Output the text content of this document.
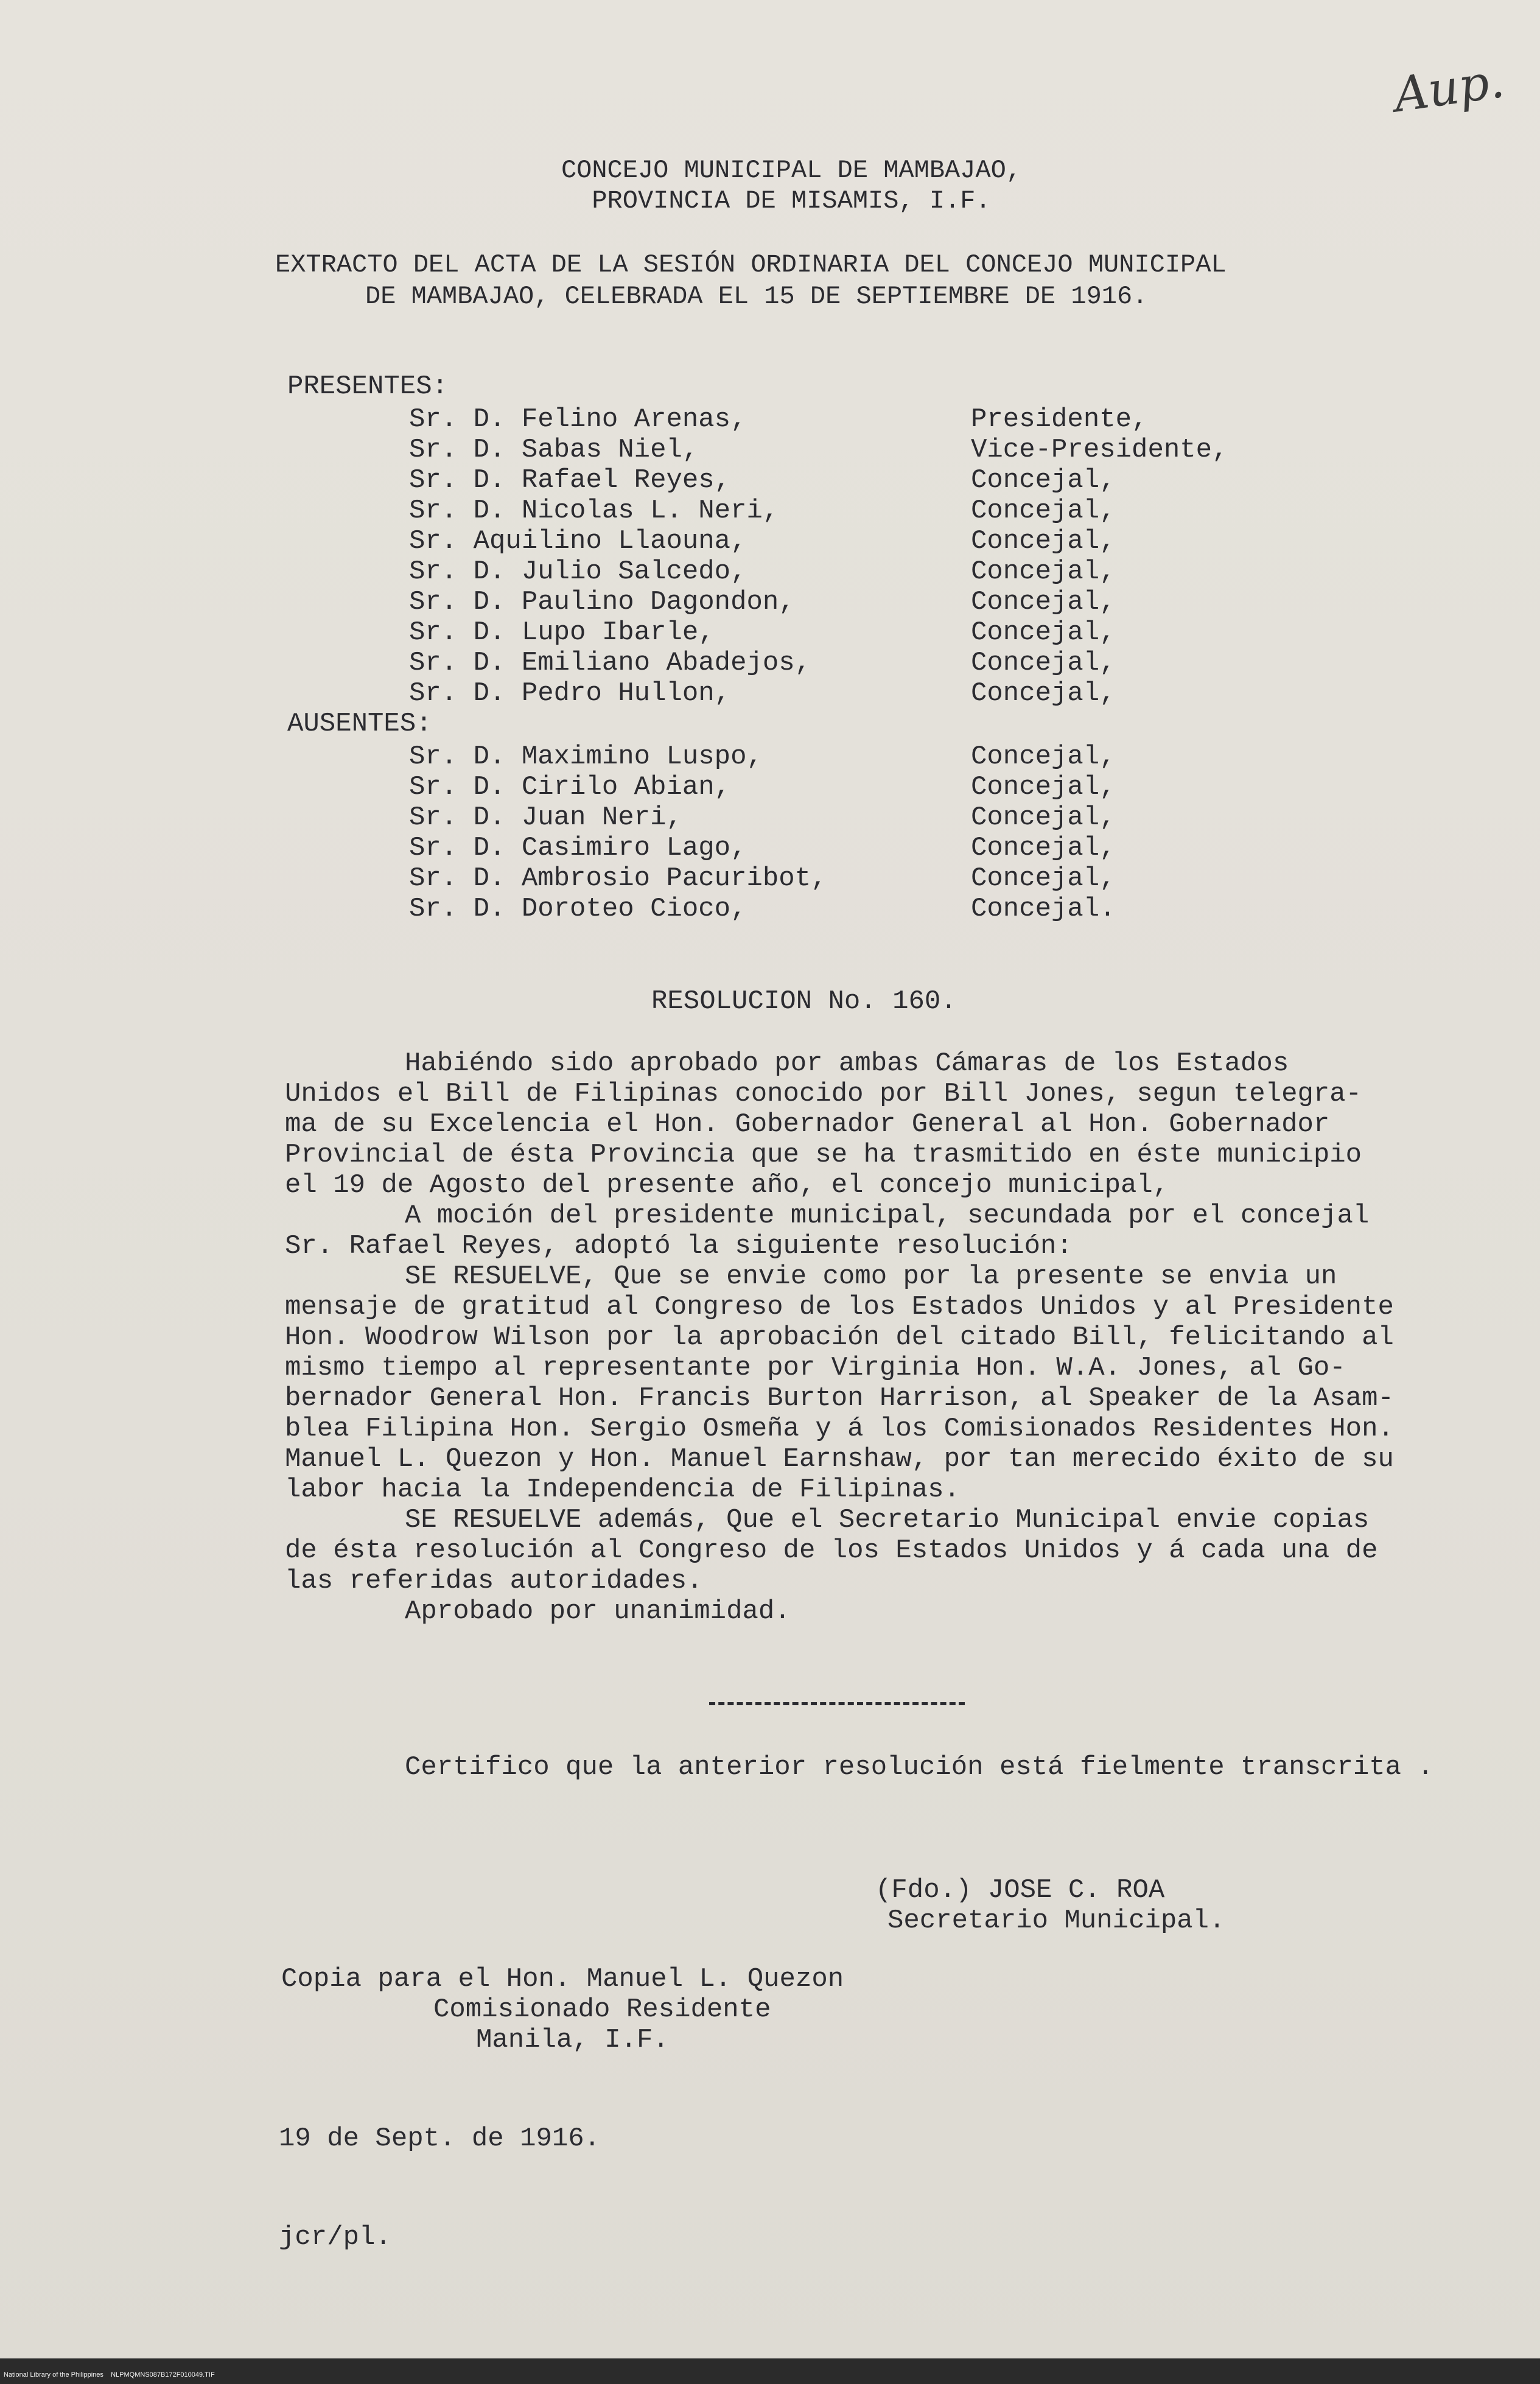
Aup.
CONCEJO MUNICIPAL DE MAMBAJAO,
PROVINCIA DE MISAMIS, I.F.
EXTRACTO DEL ACTA DE LA SESIÓN ORDINARIA DEL CONCEJO MUNICIPAL
DE MAMBAJAO, CELEBRADA EL 15 DE SEPTIEMBRE DE 1916.
PRESENTES:
Sr. D. Felino Arenas,	Presidente,
Sr. D. Sabas Niel,	Vice-Presidente,
Sr. D. Rafael Reyes,	Concejal,
Sr. D. Nicolas L. Neri,	Concejal,
Sr. Aquilino Llaouna,	Concejal,
Sr. D. Julio Salcedo,	Concejal,
Sr. D. Paulino Dagondon,	Concejal,
Sr. D. Lupo Ibarle,	Concejal,
Sr. D. Emiliano Abadejos,	Concejal,
Sr. D. Pedro Hullon,	Concejal,
AUSENTES:
Sr. D. Maximino Luspo,	Concejal,
Sr. D. Cirilo Abian,	Concejal,
Sr. D. Juan Neri,	Concejal,
Sr. D. Casimiro Lago,	Concejal,
Sr. D. Ambrosio Pacuribot,	Concejal,
Sr. D. Doroteo Cioco,	Concejal.
RESOLUCION No. 160.
Habiéndo sido aprobado por ambas Cámaras de los Estados
Unidos el Bill de Filipinas conocido por Bill Jones, segun telegra-
ma de su Excelencia el Hon. Gobernador General al Hon. Gobernador
Provincial de ésta Provincia que se ha trasmitido en éste municipio
el 19 de Agosto del presente año, el concejo municipal,
A moción del presidente municipal, secundada por el concejal
Sr. Rafael Reyes, adoptó la siguiente resolución:
SE RESUELVE, Que se envie como por la presente se envia un
mensaje de gratitud al Congreso de los Estados Unidos y al Presidente
Hon. Woodrow Wilson por la aprobación del citado Bill, felicitando al
mismo tiempo al representante por Virginia Hon. W.A. Jones, al Go-
bernador General Hon. Francis Burton Harrison, al Speaker de la Asam-
blea Filipina Hon. Sergio Osmeña y á los Comisionados Residentes Hon.
Manuel L. Quezon y Hon. Manuel Earnshaw, por tan merecido éxito de su
labor hacia la Independencia de Filipinas.
SE RESUELVE además, Que el Secretario Municipal envie copias
de ésta resolución al Congreso de los Estados Unidos y á cada una de
las referidas autoridades.
Aprobado por unanimidad.
Certifico que la anterior resolución está fielmente transcrita .
(Fdo.) JOSE C. ROA
Secretario Municipal.
Copia para el Hon. Manuel L. Quezon
Comisionado Residente
Manila, I.F.
19 de Sept. de 1916.
jcr/pl.
National Library of the Philippines    NLPMQMNS087B172F010049.TIF
